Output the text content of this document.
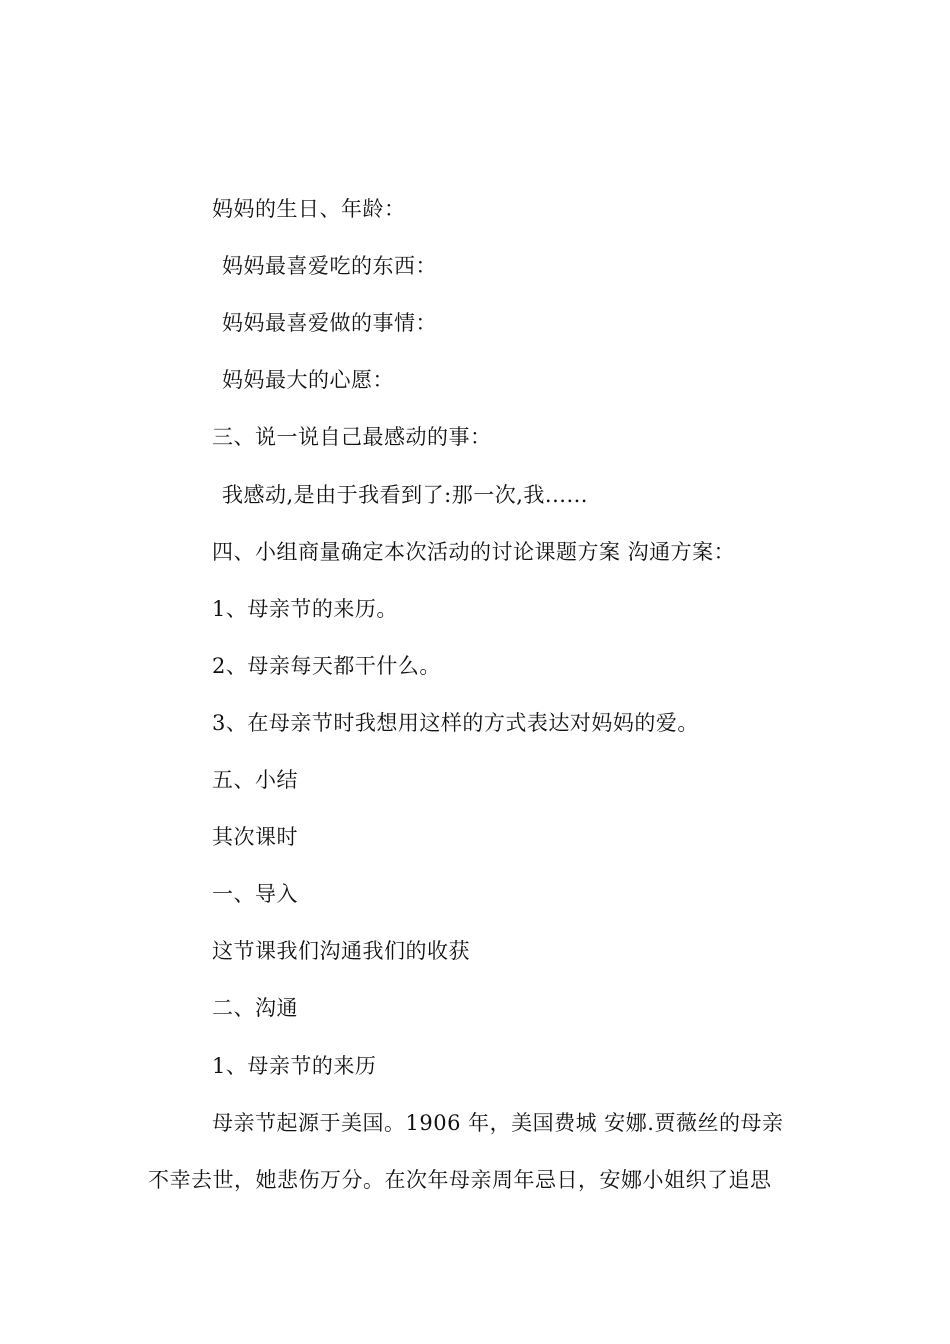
妈妈的生日、年龄：
妈妈最喜爱吃的东西：
妈妈最喜爱做的事情：
妈妈最大的心愿：
三、说一说自己最感动的事：
我感动,是由于我看到了:那一次,我......
四、小组商量确定本次活动的讨论课题方案 沟通方案：
1、母亲节的来历。
2、母亲每天都干什么。
3、在母亲节时我想用这样的方式表达对妈妈的爱。
五、小结
其次课时
一、导入
这节课我们沟通我们的收获
二、沟通
1、母亲节的来历
母亲节起源于美国。1906 年，美国费城 安娜.贾薇丝的母亲
不幸去世，她悲伤万分。在次年母亲周年忌日，安娜小姐织了追思
